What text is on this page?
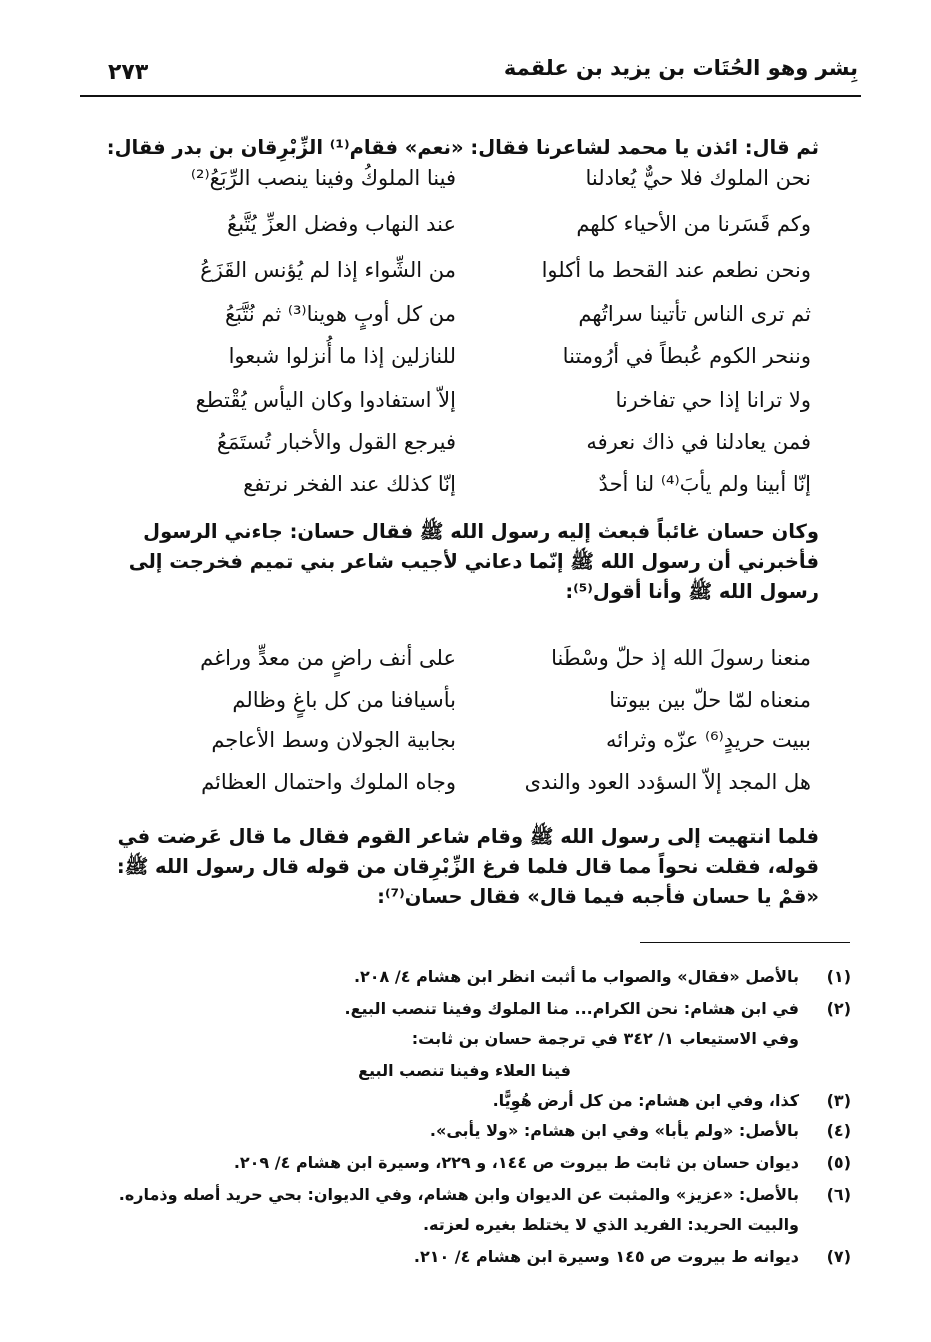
٢٧٣	بِشر وهو الحُتَات بن يزيد بن علقمة
ثم قال: ائذن يا محمد لشاعرنا فقال: «نعم» فقام⁽¹⁾ الزِّبْرِقان بن بدر فقال:
نحن الملوك فلا حيٌّ يُعادلنا
فينا الملوكُ وفينا ينصب الرِّبَعُ⁽²⁾
وكم قَسَرنا من الأحياء كلهم
عند النهاب وفضل العزِّ يُتَّبعُ
ونحن نطعم عند القحط ما أكلوا
من الشِّواء إذا لم يُؤنس القَزَعُ
ثم ترى الناس تأتينا سراتُهم
من كل أوبٍ هوينا⁽³⁾ ثم نُتَّبَعُ
وننحر الكوم عُبطاً في أرُومتنا
للنازلين إذا ما أُنزلوا شبعوا
ولا ترانا إذا حي تفاخرنا
إلاّ استفادوا وكان اليأس يُقْتطع
فمن يعادلنا في ذاك نعرفه
فيرجع القول والأخبار تُستَمَعُ
إنّا أبينا ولم يأبَ⁽⁴⁾ لنا أحدٌ
إنّا كذلك عند الفخر نرتفع
وكان حسان غائباً فبعث إليه رسول الله ﷺ فقال حسان: جاءني الرسول فأخبرني أن رسول الله ﷺ إنّما دعاني لأجيب شاعر بني تميم فخرجت إلى رسول الله ﷺ وأنا أقول⁽⁵⁾:
منعنا رسولَ الله إذ حلّ وسْطَنا
على أنف راضٍ من معدٍّ وراغم
منعناه لمّا حلّ بين بيوتنا
بأسيافنا من كل باغٍ وظالم
ببيت حريدٍ⁽⁶⁾ عزّه وثرائه
بجابية الجولان وسط الأعاجم
هل المجد إلاّ السؤدد العود والندى
وجاه الملوك واحتمال العظائم
فلما انتهيت إلى رسول الله ﷺ وقام شاعر القوم فقال ما قال عَرضت في قوله، فقلت نحواً مما قال فلما فرغ الزِّبْرِقان من قوله قال رسول الله ﷺ: «قمْ يا حسان فأجبه فيما قال» فقال حسان⁽⁷⁾:
(١)
بالأصل «فقال» والصواب ما أثبت انظر ابن هشام ٤/ ٢٠٨.
(٢)
في ابن هشام: نحن الكرام... منا الملوك وفينا تنصب البيع.
وفي الاستيعاب ١/ ٣٤٢ في ترجمة حسان بن ثابت:
فينا العلاء وفينا تنصب البيع
(٣)
كذا، وفي ابن هشام: من كل أرض هُوِيًّا.
(٤)
بالأصل: «ولم يأبا» وفي ابن هشام: «ولا يأبى».
(٥)
ديوان حسان بن ثابت ط بيروت ص ١٤٤، و ٢٢٩، وسيرة ابن هشام ٤/ ٢٠٩.
(٦)
بالأصل: «عزيز» والمثبت عن الديوان وابن هشام، وفي الديوان: بحي حريد أصله وذماره.
والبيت الحريد: الفريد الذي لا يختلط بغيره لعزته.
(٧)
ديوانه ط بيروت ص ١٤٥ وسيرة ابن هشام ٤/ ٢١٠.
